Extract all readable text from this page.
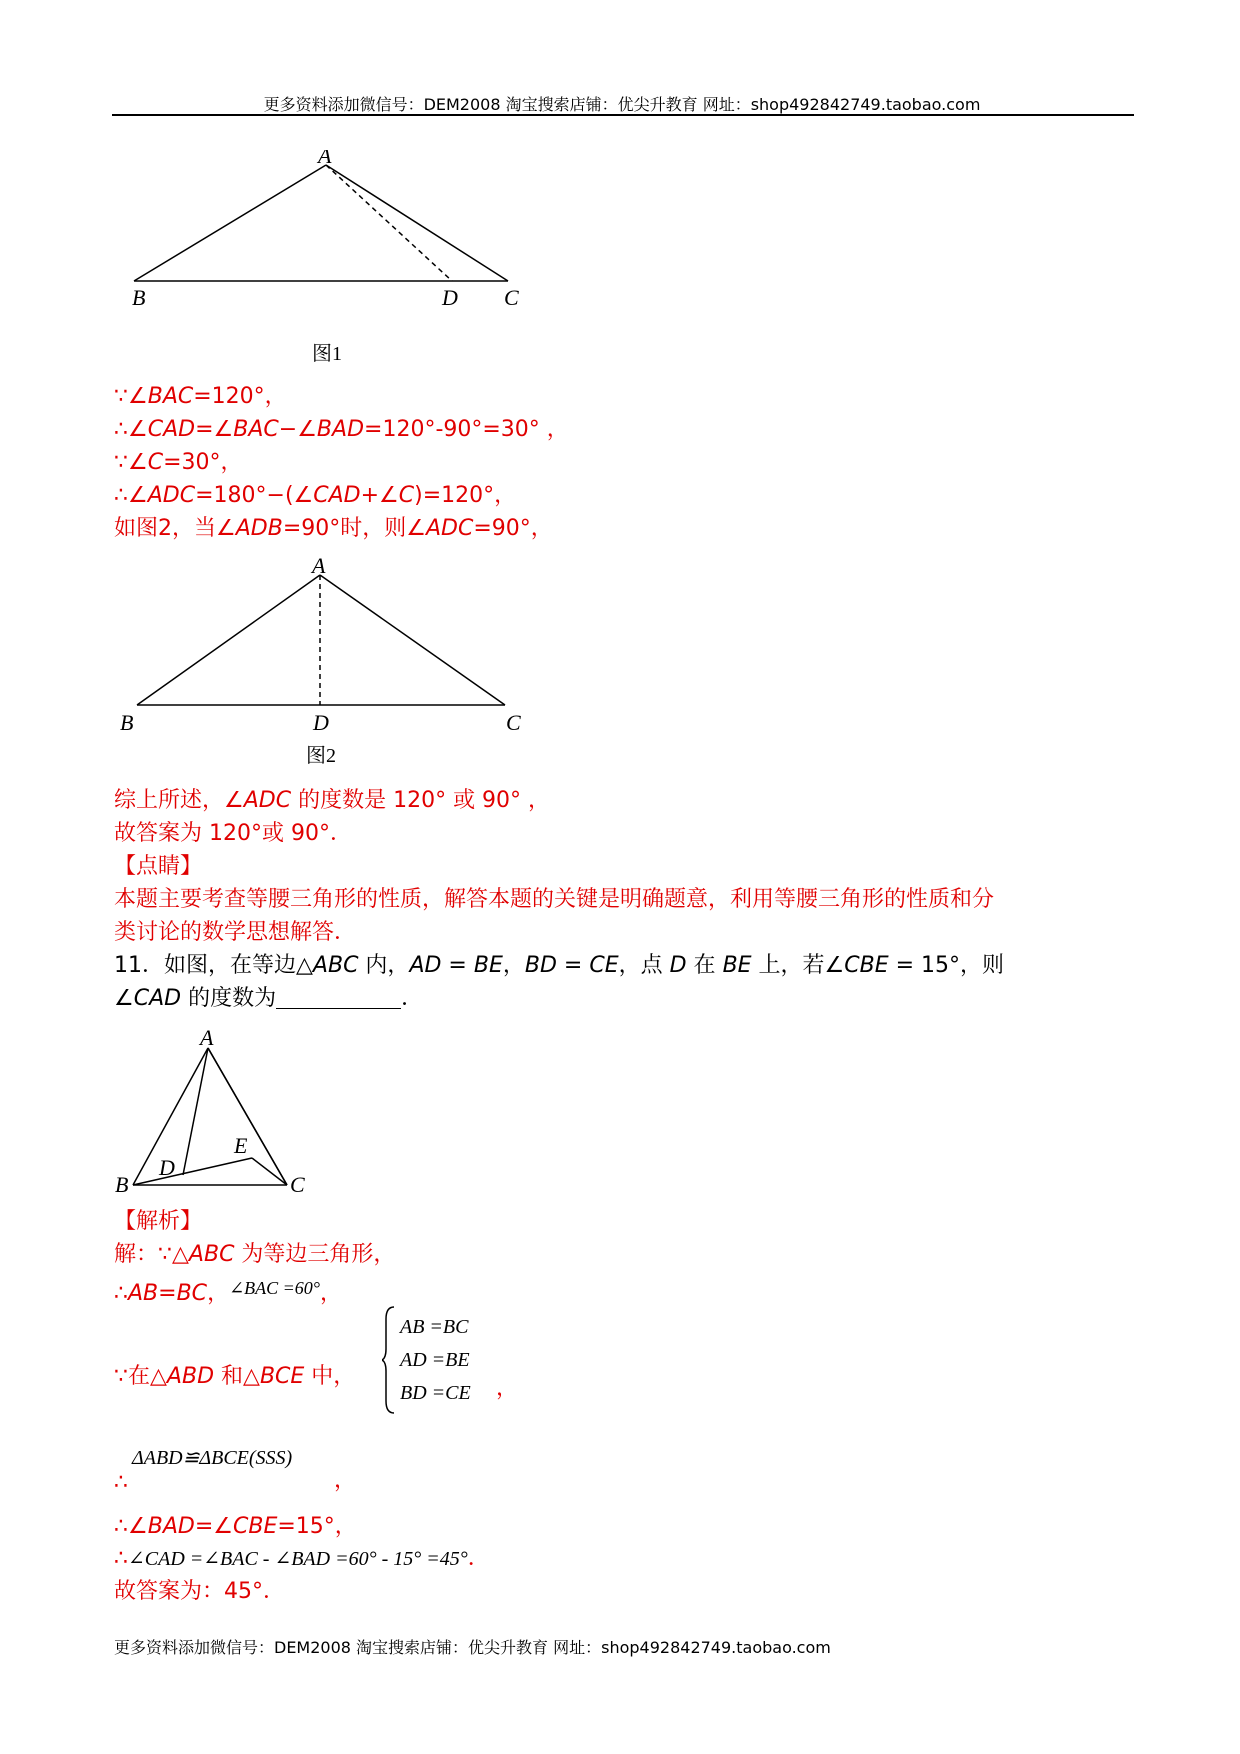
更多资料添加微信号：DEM2008 淘宝搜索店铺：优尖升教育 网址：shop492842749.taobao.com
A
B	D C
图1
∵∠BAC=120°，
∴∠CAD=∠BAC−∠BAD=120°-90°=30° ，
∵∠C=30°，
∴∠ADC=180°−(∠CAD+∠C)=120°，
如图2，当∠ADB=90°时，则∠ADC=90°，
A
B	D	C
图2
综上所述，∠ADC 的度数是 120° 或 90° ，
故答案为 120°或 90°．
【点睛】
本题主要考查等腰三角形的性质，解答本题的关键是明确题意，利用等腰三角形的性质和分
类讨论的数学思想解答．
11．如图，在等边△ABC 内，AD = BE，BD = CE，点 D 在 BE 上，若∠CBE = 15°，则
∠CAD 的度数为	．
A
B	C
D
E
【解析】
解：∵△ABC 为等边三角形，
∴AB=BC，$^{\angle BAC =60^\circ}$，
∵在△ABD 和△BCE 中，
AB =BC
AD =BE
BD =CE ，
ΔABD≌ΔBCE(SSS)
∴	，
∴∠BAD=∠CBE=15°，
∴∠CAD =∠BAC - ∠BAD =60° - 15° =45°．
故答案为：45°．
更多资料添加微信号：DEM2008 淘宝搜索店铺：优尖升教育 网址：shop492842749.taobao.com
